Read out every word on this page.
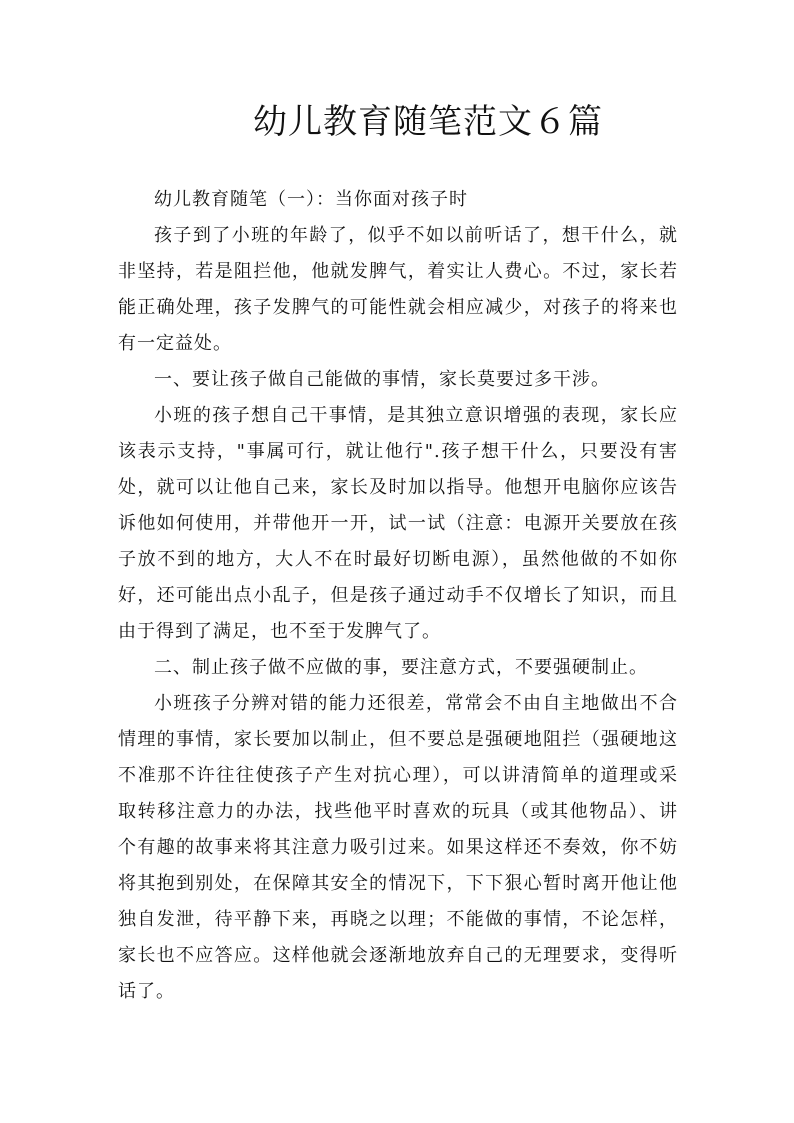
幼儿教育随笔范文６篇

幼儿教育随笔（一）：当你面对孩子时

孩子到了小班的年龄了，似乎不如以前听话了，想干什么，就非坚持，若是阻拦他，他就发脾气，着实让人费心。不过，家长若能正确处理，孩子发脾气的可能性就会相应减少，对孩子的将来也有一定益处。

一、要让孩子做自己能做的事情，家长莫要过多干涉。

小班的孩子想自己干事情，是其独立意识增强的表现，家长应该表示支持，"事属可行，就让他行".孩子想干什么，只要没有害处，就可以让他自己来，家长及时加以指导。他想开电脑你应该告诉他如何使用，并带他开一开，试一试（注意：电源开关要放在孩子放不到的地方，大人不在时最好切断电源），虽然他做的不如你好，还可能出点小乱子，但是孩子通过动手不仅增长了知识，而且由于得到了满足，也不至于发脾气了。

二、制止孩子做不应做的事，要注意方式，不要强硬制止。

小班孩子分辨对错的能力还很差，常常会不由自主地做出不合情理的事情，家长要加以制止，但不要总是强硬地阻拦（强硬地这不准那不许往往使孩子产生对抗心理），可以讲清简单的道理或采取转移注意力的办法，找些他平时喜欢的玩具（或其他物品）、讲个有趣的故事来将其注意力吸引过来。如果这样还不奏效，你不妨将其抱到别处，在保障其安全的情况下，下下狠心暂时离开他让他独自发泄，待平静下来，再晓之以理；不能做的事情，不论怎样，家长也不应答应。这样他就会逐渐地放弃自己的无理要求，变得听话了。
